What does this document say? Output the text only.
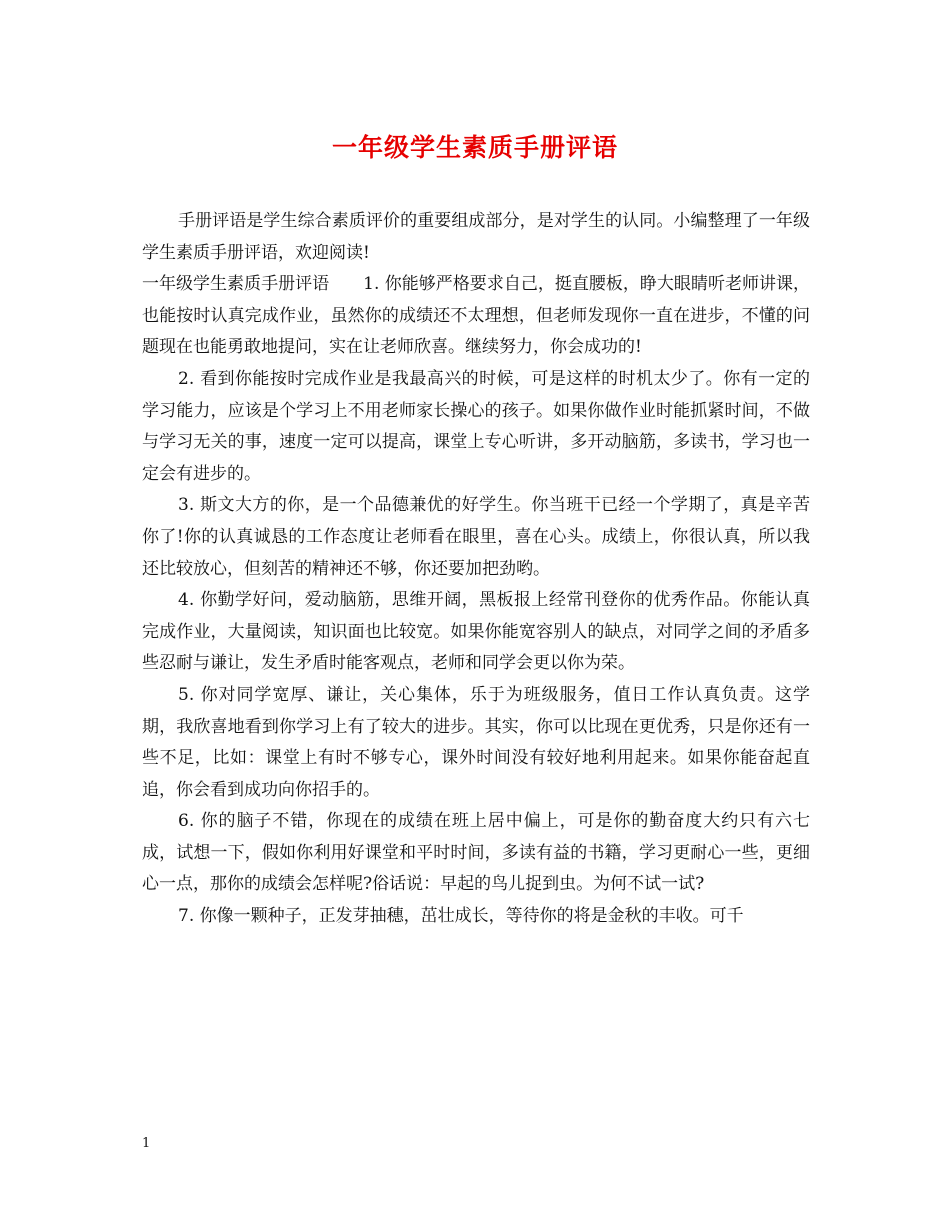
一年级学生素质手册评语

手册评语是学生综合素质评价的重要组成部分，是对学生的认同。小编整理了一年级学生素质手册评语，欢迎阅读!

一年级学生素质手册评语　　1. 你能够严格要求自己，挺直腰板，睁大眼睛听老师讲课，也能按时认真完成作业，虽然你的成绩还不太理想，但老师发现你一直在进步，不懂的问题现在也能勇敢地提问，实在让老师欣喜。继续努力，你会成功的!

2. 看到你能按时完成作业是我最高兴的时候，可是这样的时机太少了。你有一定的学习能力，应该是个学习上不用老师家长操心的孩子。如果你做作业时能抓紧时间，不做与学习无关的事，速度一定可以提高，课堂上专心听讲，多开动脑筋，多读书，学习也一定会有进步的。

3. 斯文大方的你，是一个品德兼优的好学生。你当班干已经一个学期了，真是辛苦你了!你的认真诚恳的工作态度让老师看在眼里，喜在心头。成绩上，你很认真，所以我还比较放心，但刻苦的精神还不够，你还要加把劲哟。

4. 你勤学好问，爱动脑筋，思维开阔，黑板报上经常刊登你的优秀作品。你能认真完成作业，大量阅读，知识面也比较宽。如果你能宽容别人的缺点，对同学之间的矛盾多些忍耐与谦让，发生矛盾时能客观点，老师和同学会更以你为荣。

5. 你对同学宽厚、谦让，关心集体，乐于为班级服务，值日工作认真负责。这学期，我欣喜地看到你学习上有了较大的进步。其实，你可以比现在更优秀，只是你还有一些不足，比如：课堂上有时不够专心，课外时间没有较好地利用起来。如果你能奋起直追，你会看到成功向你招手的。

6. 你的脑子不错，你现在的成绩在班上居中偏上，可是你的勤奋度大约只有六七成，试想一下，假如你利用好课堂和平时时间，多读有益的书籍，学习更耐心一些，更细心一点，那你的成绩会怎样呢?俗话说：早起的鸟儿捉到虫。为何不试一试?

7. 你像一颗种子，正发芽抽穗，茁壮成长，等待你的将是金秋的丰收。可千

1
